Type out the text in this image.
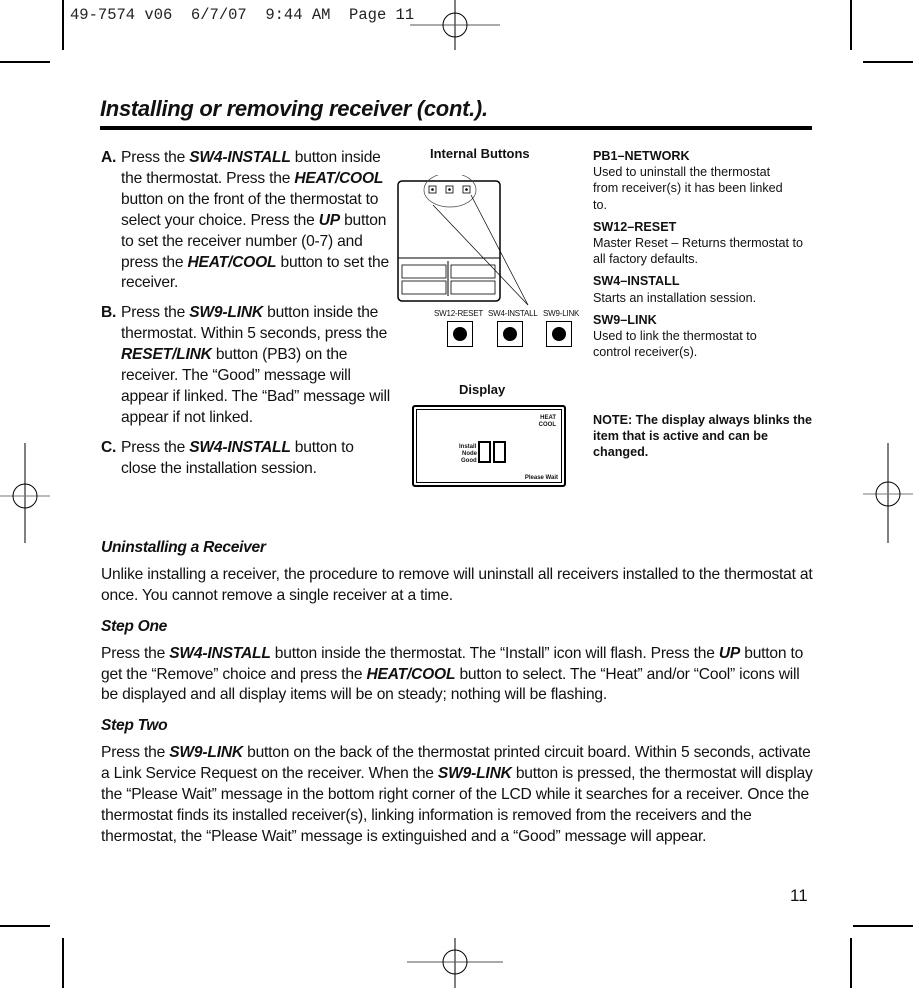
49-7574 v06  6/7/07  9:44 AM  Page 11
Installing or removing receiver (cont.).
A. Press the SW4-INSTALL button inside the thermostat. Press the HEAT/COOL button on the front of the thermostat to select your choice. Press the UP button to set the receiver number (0-7) and press the HEAT/COOL button to set the receiver.
B. Press the SW9-LINK button inside the thermostat. Within 5 seconds, press the RESET/LINK button (PB3) on the receiver. The “Good” message will appear if linked. The “Bad” message will appear if not linked.
C. Press the SW4-INSTALL button to close the installation session.
Internal Buttons
SW12-RESET SW4-INSTALL SW9-LINK
Display
HEAT
COOL
Install
Node
Good
Please Wait
PB1–NETWORK
Used to uninstall the thermostat from receiver(s) it has been linked to.
SW12–RESET
Master Reset – Returns thermostat to all factory defaults.
SW4–INSTALL
Starts an installation session.
SW9–LINK
Used to link the thermostat to control receiver(s).
NOTE: The display always blinks the item that is active and can be changed.
Uninstalling a Receiver

Unlike installing a receiver, the procedure to remove will uninstall all receivers installed to the thermostat at once. You cannot remove a single receiver at a time.

Step One

Press the SW4-INSTALL button inside the thermostat. The “Install” icon will flash. Press the UP button to get the “Remove” choice and press the HEAT/COOL button to select. The “Heat” and/or “Cool” icons will be displayed and all display items will be on steady; nothing will be flashing.

Step Two

Press the SW9-LINK button on the back of the thermostat printed circuit board. Within 5 seconds, activate a Link Service Request on the receiver. When the SW9-LINK button is pressed, the thermostat will display the “Please Wait” message in the bottom right corner of the LCD while it searches for a receiver. Once the thermostat finds its installed receiver(s), linking information is removed from the receivers and the thermostat, the “Please Wait” message is extinguished and a “Good” message will appear.

11
